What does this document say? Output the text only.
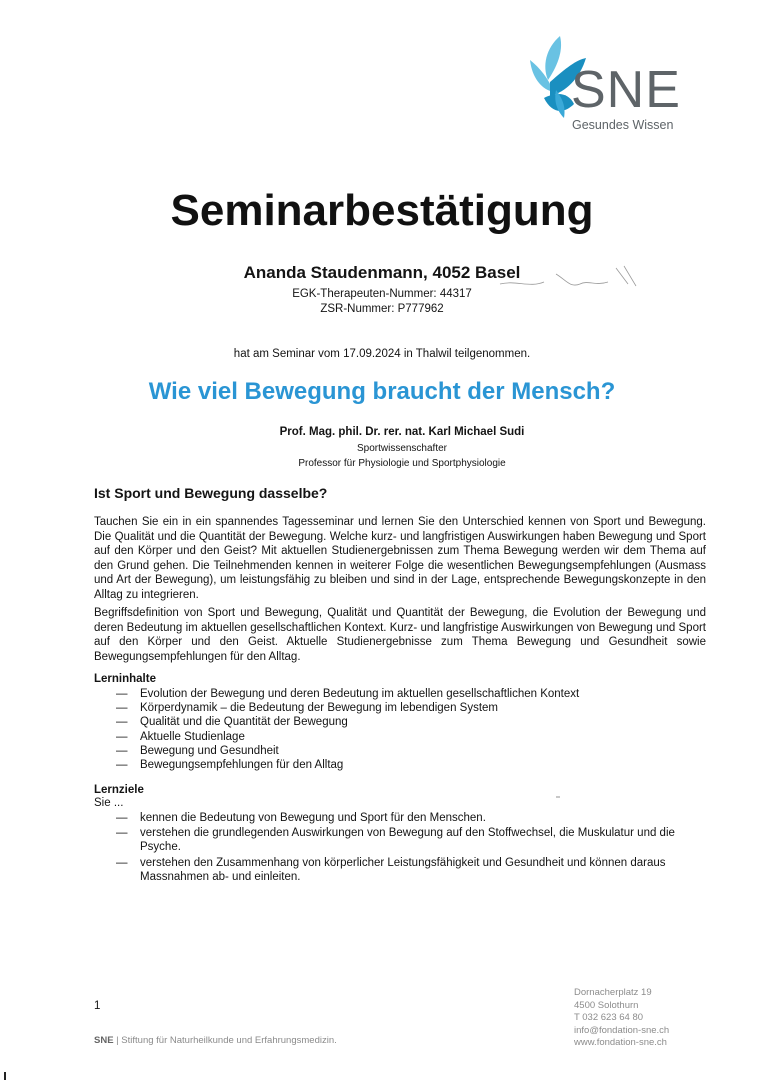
SNE
Gesundes Wissen
Seminarbestätigung
Ananda Staudenmann, 4052 Basel
EGK-Therapeuten-Nummer: 44317
ZSR-Nummer: P777962
hat am Seminar vom 17.09.2024 in Thalwil teilgenommen.
Wie viel Bewegung braucht der Mensch?
Prof. Mag. phil. Dr. rer. nat. Karl Michael Sudi
Sportwissenschafter
Professor für Physiologie und Sportphysiologie
Ist Sport und Bewegung dasselbe?

Tauchen Sie ein in ein spannendes Tagesseminar und lernen Sie den Unterschied kennen von Sport und Bewegung. Die Qualität und die Quantität der Bewegung. Welche kurz- und langfristigen Auswirkungen haben Bewegung und Sport auf den Körper und den Geist? Mit aktuellen Studienergebnissen zum Thema Bewegung werden wir dem Thema auf den Grund gehen. Die Teilnehmenden kennen in weiterer Folge die wesentlichen Bewegungsempfehlungen (Ausmass und Art der Bewegung), um leistungsfähig zu bleiben und sind in der Lage, entsprechende Bewegungskonzepte in den Alltag zu integrieren.

Begriffsdefinition von Sport und Bewegung, Qualität und Quantität der Bewegung, die Evolution der Bewegung und deren Bedeutung im aktuellen gesellschaftlichen Kontext. Kurz- und langfristige Auswirkungen von Bewegung und Sport auf den Körper und den Geist. Aktuelle Studienergebnisse zum Thema Bewegung und Gesundheit sowie Bewegungsempfehlungen für den Alltag.

Lerninhalte
— Evolution der Bewegung und deren Bedeutung im aktuellen gesellschaftlichen Kontext
— Körperdynamik – die Bedeutung der Bewegung im lebendigen System
— Qualität und die Quantität der Bewegung
— Aktuelle Studienlage
— Bewegung und Gesundheit
— Bewegungsempfehlungen für den Alltag
Lernziele
Sie ...
— kennen die Bedeutung von Bewegung und Sport für den Menschen.
— verstehen die grundlegenden Auswirkungen von Bewegung auf den Stoffwechsel, die Muskulatur und die Psyche.
— verstehen den Zusammenhang von körperlicher Leistungsfähigkeit und Gesundheit und können daraus Massnahmen ab- und einleiten.
1
SNE | Stiftung für Naturheilkunde und Erfahrungsmedizin.
Dornacherplatz 19
4500 Solothurn
T 032 623 64 80
info@fondation-sne.ch
www.fondation-sne.ch
